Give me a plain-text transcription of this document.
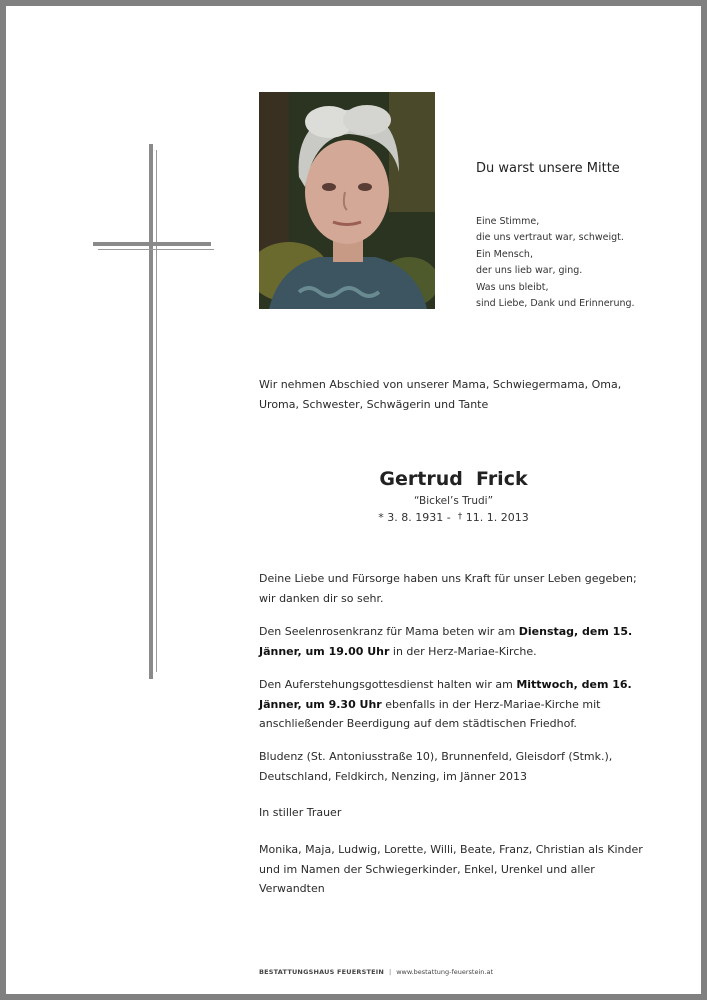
Du warst unsere Mitte
Eine Stimme,
die uns vertraut war, schweigt.
Ein Mensch,
der uns lieb war, ging.
Was uns bleibt,
sind Liebe, Dank und Erinnerung.
Wir nehmen Abschied von unserer Mama, Schwiegermama, Oma,
Uroma, Schwester, Schwägerin und Tante
Gertrud  Frick
“Bickel’s Trudi”
* 3. 8. 1931 -  † 11. 1. 2013
Deine Liebe und Fürsorge haben uns Kraft für unser Leben gegeben; wir danken dir so sehr.
Den Seelenrosenkranz für Mama beten wir am Dienstag, dem 15. Jänner, um 19.00 Uhr in der Herz-Mariae-Kirche.
Den Auferstehungsgottesdienst halten wir am Mittwoch, dem 16. Jänner, um 9.30 Uhr ebenfalls in der Herz-Mariae-Kirche mit anschließender Beerdigung auf dem städtischen Friedhof.
Bludenz (St. Antoniusstraße 10), Brunnenfeld, Gleisdorf (Stmk.), Deutschland, Feldkirch, Nenzing, im Jänner 2013
In stiller Trauer
Monika, Maja, Ludwig, Lorette, Willi, Beate, Franz, Christian als Kinder und im Namen der Schwiegerkinder, Enkel, Urenkel und aller Verwandten
BESTATTUNGSHAUS FEUERSTEIN | www.bestattung-feuerstein.at
